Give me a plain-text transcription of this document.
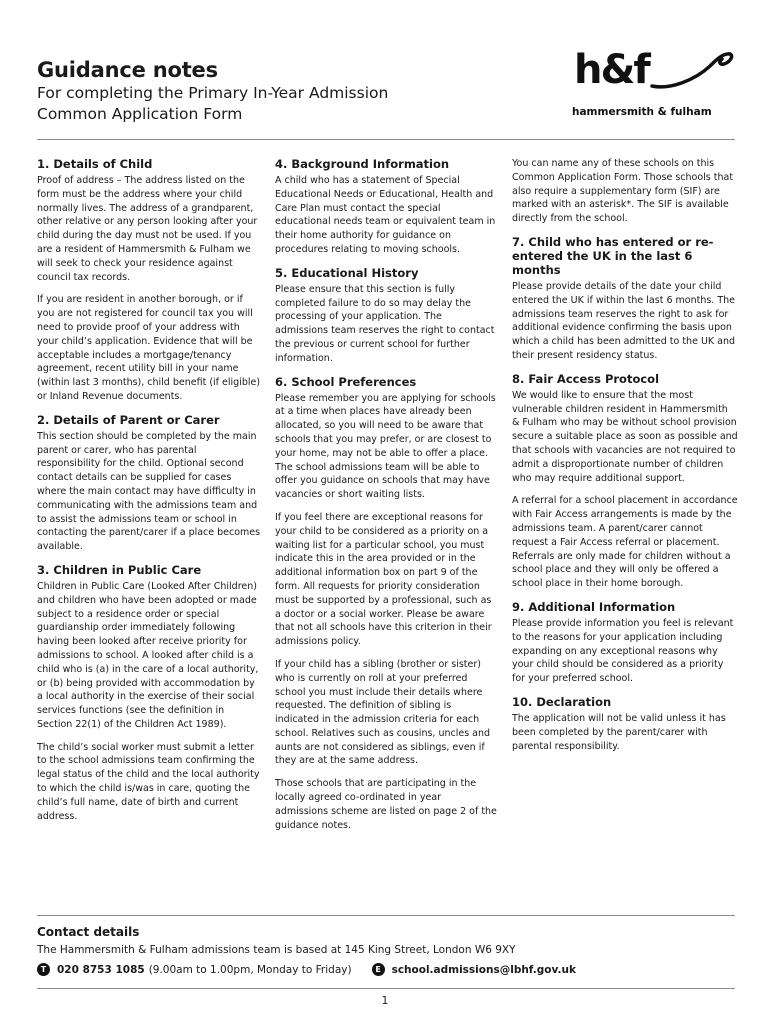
Guidance notes
For completing the Primary In-Year Admission Common Application Form
h&f
hammersmith & fulham
1. Details of Child

Proof of address – The address listed on the form must be the address where your child normally lives. The address of a grandparent, other relative or any person looking after your child during the day must not be used. If you are a resident of Hammersmith & Fulham we will seek to check your residence against council tax records.

If you are resident in another borough, or if you are not registered for council tax you will need to provide proof of your address with your child’s application. Evidence that will be acceptable includes a mortgage/tenancy agreement, recent utility bill in your name (within last 3 months), child benefit (if eligible) or Inland Revenue documents.

2. Details of Parent or Carer

This section should be completed by the main parent or carer, who has parental responsibility for the child. Optional second contact details can be supplied for cases where the main contact may have difficulty in communicating with the admissions team and to assist the admissions team or school in contacting the parent/carer if a place becomes available.

3. Children in Public Care

Children in Public Care (Looked After Children) and children who have been adopted or made subject to a residence order or special guardianship order immediately following having been looked after receive priority for admissions to school. A looked after child is a child who is (a) in the care of a local authority, or (b) being provided with accommodation by a local authority in the exercise of their social services functions (see the definition in Section 22(1) of the Children Act 1989).

The child’s social worker must submit a letter to the school admissions team confirming the legal status of the child and the local authority to which the child is/was in care, quoting the child’s full name, date of birth and current address.

4. Background Information

A child who has a statement of Special Educational Needs or Educational, Health and Care Plan must contact the special educational needs team or equivalent team in their home authority for guidance on procedures relating to moving schools.

5. Educational History

Please ensure that this section is fully completed failure to do so may delay the processing of your application. The admissions team reserves the right to contact the previous or current school for further information.

6. School Preferences

Please remember you are applying for schools at a time when places have already been allocated, so you will need to be aware that schools that you may prefer, or are closest to your home, may not be able to offer a place. The school admissions team will be able to offer you guidance on schools that may have vacancies or short waiting lists.

If you feel there are exceptional reasons for your child to be considered as a priority on a waiting list for a particular school, you must indicate this in the area provided or in the additional information box on part 9 of the form. All requests for priority consideration must be supported by a professional, such as a doctor or a social worker. Please be aware that not all schools have this criterion in their admissions policy.

If your child has a sibling (brother or sister) who is currently on roll at your preferred school you must include their details where requested. The definition of sibling is indicated in the admission criteria for each school. Relatives such as cousins, uncles and aunts are not considered as siblings, even if they are at the same address.

Those schools that are participating in the locally agreed co-ordinated in year admissions scheme are listed on page 2 of the guidance notes.

You can name any of these schools on this Common Application Form. Those schools that also require a supplementary form (SIF) are marked with an asterisk*. The SIF is available directly from the school.

7. Child who has entered or re-entered the UK in the last 6 months

Please provide details of the date your child entered the UK if within the last 6 months. The admissions team reserves the right to ask for additional evidence confirming the basis upon which a child has been admitted to the UK and their present residency status.

8. Fair Access Protocol

We would like to ensure that the most vulnerable children resident in Hammersmith & Fulham who may be without school provision secure a suitable place as soon as possible and that schools with vacancies are not required to admit a disproportionate number of children who may require additional support.

A referral for a school placement in accordance with Fair Access arrangements is made by the admissions team. A parent/carer cannot request a Fair Access referral or placement. Referrals are only made for children without a school place and they will only be offered a school place in their home borough.

9. Additional Information

Please provide information you feel is relevant to the reasons for your application including expanding on any exceptional reasons why your child should be considered as a priority for your preferred school.

10. Declaration

The application will not be valid unless it has been completed by the parent/carer with parental responsibility.

Contact details
The Hammersmith & Fulham admissions team is based at 145 King Street, London W6 9XY
T	020 8753 1085 (9.00am to 1.00pm, Monday to Friday)	E	school.admissions@lbhf.gov.uk
1
